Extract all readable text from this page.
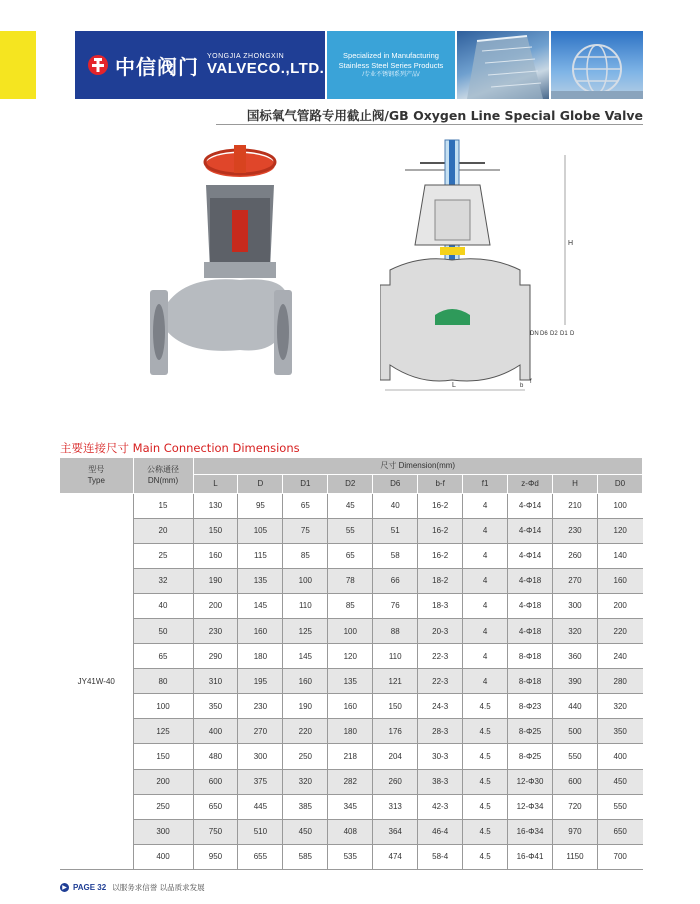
中信阀门 YONGJIA ZHONGXIN
VALVECO.,LTD.
Specialized in Manufacturing
Stainless Steel Series Products
/专业不锈钢系列产品/
国标氧气管路专用截止阀/GB Oxygen Line Special Globe Valve
H
L
DN D6 D2 D1 D
f
b
主要连接尺寸 Main Connection Dimensions
型号
Type	公称通径
DN(mm)	尺寸 Dimension(mm)									
		L	D	D1	D2	D6	b-f	f1	z-Φd	H	D0
JY41W-40	15	130	95	65	45	40	16-2	4	4-Φ14	210	100
	20	150	105	75	55	51	16-2	4	4-Φ14	230	120
	25	160	115	85	65	58	16-2	4	4-Φ14	260	140
	32	190	135	100	78	66	18-2	4	4-Φ18	270	160
	40	200	145	110	85	76	18-3	4	4-Φ18	300	200
	50	230	160	125	100	88	20-3	4	4-Φ18	320	220
	65	290	180	145	120	110	22-3	4	8-Φ18	360	240
	80	310	195	160	135	121	22-3	4	8-Φ18	390	280
	100	350	230	190	160	150	24-3	4.5	8-Φ23	440	320
	125	400	270	220	180	176	28-3	4.5	8-Φ25	500	350
	150	480	300	250	218	204	30-3	4.5	8-Φ25	550	400
	200	600	375	320	282	260	38-3	4.5	12-Φ30	600	450
	250	650	445	385	345	313	42-3	4.5	12-Φ34	720	550
	300	750	510	450	408	364	46-4	4.5	16-Φ34	970	650
	400	950	655	585	535	474	58-4	4.5	16-Φ41	1150	700
▶ PAGE 32 以服务求信誉 以品质求发展
